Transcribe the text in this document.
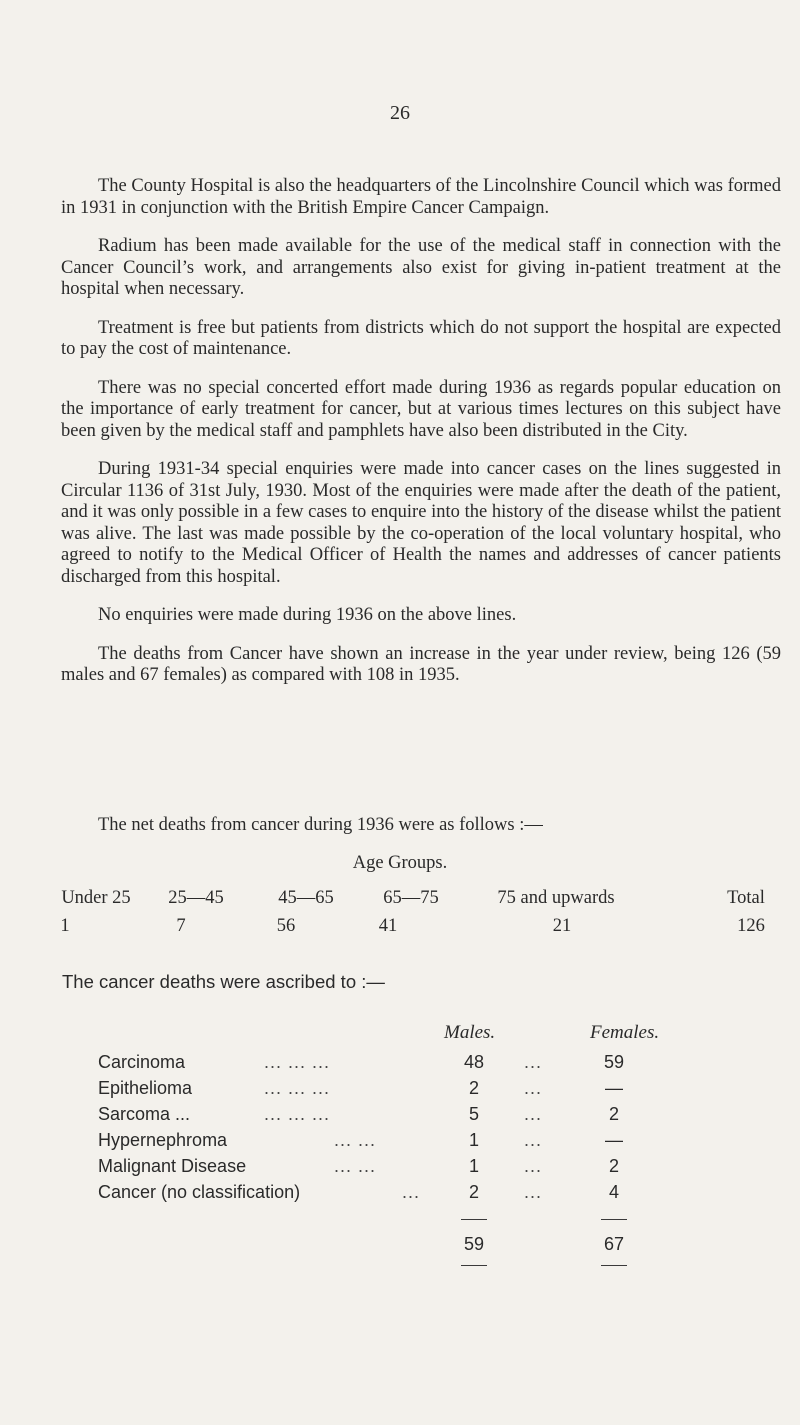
26

The County Hospital is also the headquarters of the Lincolnshire Council which was formed in 1931 in conjunction with the British Empire Cancer Campaign.

Radium has been made available for the use of the medical staff in connection with the Cancer Council’s work, and arrangements also exist for giving in-patient treatment at the hospital when necessary.

Treatment is free but patients from districts which do not support the hospital are expected to pay the cost of maintenance.

There was no special concerted effort made during 1936 as regards popular education on the importance of early treatment for cancer, but at various times lectures on this subject have been given by the medical staff and pamphlets have also been distributed in the City.

During 1931-34 special enquiries were made into cancer cases on the lines suggested in Circular 1136 of 31st July, 1930. Most of the enquiries were made after the death of the patient, and it was only possible in a few cases to enquire into the history of the disease whilst the patient was alive. The last was made possible by the co-operation of the local voluntary hospital, who agreed to notify to the Medical Officer of Health the names and addresses of cancer patients discharged from this hospital.

No enquiries were made during 1936 on the above lines.

The deaths from Cancer have shown an increase in the year under review, being 126 (59 males and 67 females) as compared with 108 in 1935.

The net deaths from cancer during 1936 were as follows :—
Age Groups.
Under 25	25—45	45—65	65—75	75 and upwards	Total
1	7	56	41	21	126
The cancer deaths were ascribed to :—
Males.	Females.
Carcinoma	... ... ...	48	...	59
Epithelioma	... ... ...	2	...	—
Sarcoma ...	... ... ...	5	...	2
Hypernephroma	... ...	1	...	—
Malignant Disease	... ...	1	...	2
Cancer (no classification)	...	2	...	4
59	67
